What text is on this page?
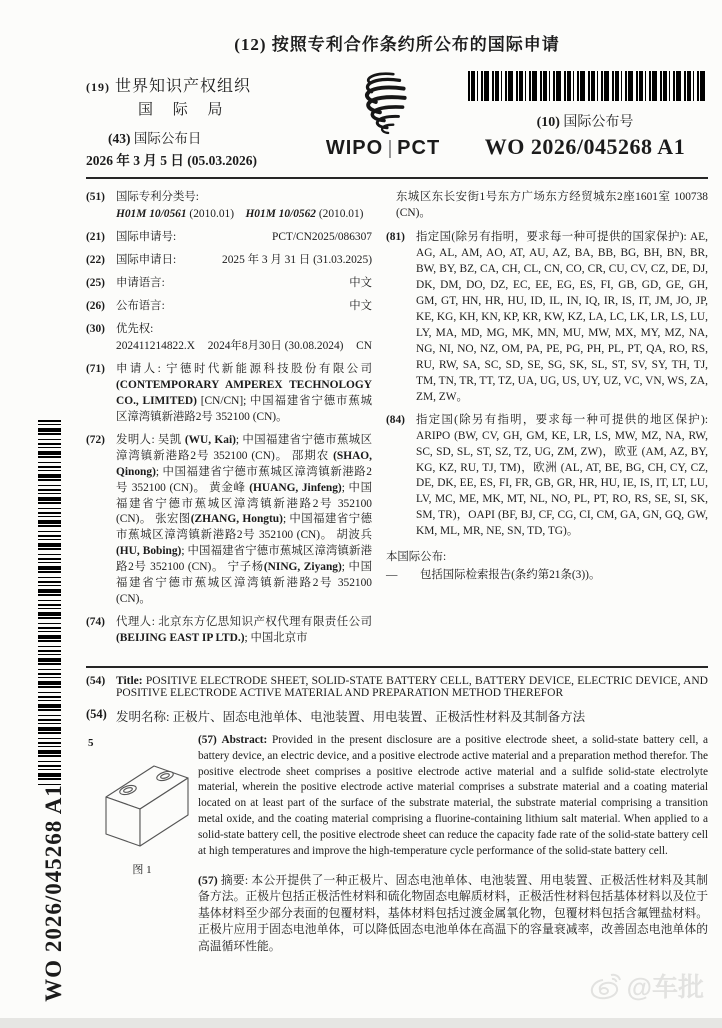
WO 2026/045268 A1
(12) 按照专利合作条约所公布的国际申请
(19) 世界知识产权组织
国 际 局
(43) 国际公布日
2026 年 3 月 5 日 (05.03.2026)
WIPO PCT
(10) 国际公布号
WO 2026/045268 A1
(51) 国际专利分类号:
H01M 10/0561 (2010.01) H01M 10/0562 (2010.01)
(21) 国际申请号:	PCT/CN2025/086307
(22) 国际申请日:	2025 年 3 月 31 日 (31.03.2025)
(25) 申请语言:	中文
(26) 公布语言:	中文
(30) 优先权:
202411214822.X 2024年8月30日 (30.08.2024) CN
(71) 申请人: 宁德时代新能源科技股份有限公司 (CONTEMPORARY AMPEREX TECHNOLOGY CO., LIMITED) [CN/CN]; 中国福建省宁德市蕉城区漳湾镇新港路2号 352100 (CN)。
(72) 发明人: 吴凯 (WU, Kai); 中国福建省宁德市蕉城区漳湾镇新港路2号 352100 (CN)。 邵期农 (SHAO, Qinong); 中国福建省宁德市蕉城区漳湾镇新港路2号 352100 (CN)。 黄金峰 (HUANG, Jinfeng); 中国福建省宁德市蕉城区漳湾镇新港路2号 352100 (CN)。 张宏图(ZHANG, Hongtu); 中国福建省宁德市蕉城区漳湾镇新港路2号 352100 (CN)。 胡波兵(HU, Bobing); 中国福建省宁德市蕉城区漳湾镇新港路2号 352100 (CN)。 宁子杨(NING, Ziyang); 中国福建省宁德市蕉城区漳湾镇新港路2号 352100 (CN)。
(74) 代理人: 北京东方亿思知识产权代理有限责任公司 (BEIJING EAST IP LTD.); 中国北京市
东城区东长安街1号东方广场东方经贸城东2座1601室 100738 (CN)。
(81) 指定国(除另有指明，要求每一种可提供的国家保护): AE, AG, AL, AM, AO, AT, AU, AZ, BA, BB, BG, BH, BN, BR, BW, BY, BZ, CA, CH, CL, CN, CO, CR, CU, CV, CZ, DE, DJ, DK, DM, DO, DZ, EC, EE, EG, ES, FI, GB, GD, GE, GH, GM, GT, HN, HR, HU, ID, IL, IN, IQ, IR, IS, IT, JM, JO, JP, KE, KG, KH, KN, KP, KR, KW, KZ, LA, LC, LK, LR, LS, LU, LY, MA, MD, MG, MK, MN, MU, MW, MX, MY, MZ, NA, NG, NI, NO, NZ, OM, PA, PE, PG, PH, PL, PT, QA, RO, RS, RU, RW, SA, SC, SD, SE, SG, SK, SL, ST, SV, SY, TH, TJ, TM, TN, TR, TT, TZ, UA, UG, US, UY, UZ, VC, VN, WS, ZA, ZM, ZW。
(84) 指定国(除另有指明，要求每一种可提供的地区保护): ARIPO (BW, CV, GH, GM, KE, LR, LS, MW, MZ, NA, RW, SC, SD, SL, ST, SZ, TZ, UG, ZM, ZW)，欧亚 (AM, AZ, BY, KG, KZ, RU, TJ, TM)，欧洲 (AL, AT, BE, BG, CH, CY, CZ, DE, DK, EE, ES, FI, FR, GB, GR, HR, HU, IE, IS, IT, LT, LU, LV, MC, ME, MK, MT, NL, NO, PL, PT, RO, RS, SE, SI, SK, SM, TR)，OAPI (BF, BJ, CF, CG, CI, CM, GA, GN, GQ, GW, KM, ML, MR, NE, SN, TD, TG)。
本国际公布:
—	包括国际检索报告(条约第21条(3))。
(54) Title: POSITIVE ELECTRODE SHEET, SOLID-STATE BATTERY CELL, BATTERY DEVICE, ELECTRIC DEVICE, AND POSITIVE ELECTRODE ACTIVE MATERIAL AND PREPARATION METHOD THEREFOR
(54) 发明名称: 正极片、固态电池单体、电池装置、用电装置、正极活性材料及其制备方法
5
图 1
(57) Abstract: Provided in the present disclosure are a positive electrode sheet, a solid-state battery cell, a battery device, an electric device, and a positive electrode active material and a preparation method therefor. The positive electrode sheet comprises a positive electrode active material and a sulfide solid-state electrolyte material, wherein the positive electrode active material comprises a substrate material and a coating material located on at least part of the surface of the substrate material, the substrate material comprising a transition metal oxide, and the coating material comprising a fluorine-containing lithium salt material. When applied to a solid-state battery cell, the positive electrode sheet can reduce the capacity fade rate of the solid-state battery cell at high temperatures and improve the high-temperature cycle performance of the solid-state battery cell.
(57) 摘要: 本公开提供了一种正极片、固态电池单体、电池装置、用电装置、正极活性材料及其制备方法。正极片包括正极活性材料和硫化物固态电解质材料，正极活性材料包括基体材料以及位于基体材料至少部分表面的包覆材料，基体材料包括过渡金属氧化物，包覆材料包括含氟锂盐材料。正极片应用于固态电池单体，可以降低固态电池单体在高温下的容量衰减率，改善固态电池单体的高温循环性能。
@车批
